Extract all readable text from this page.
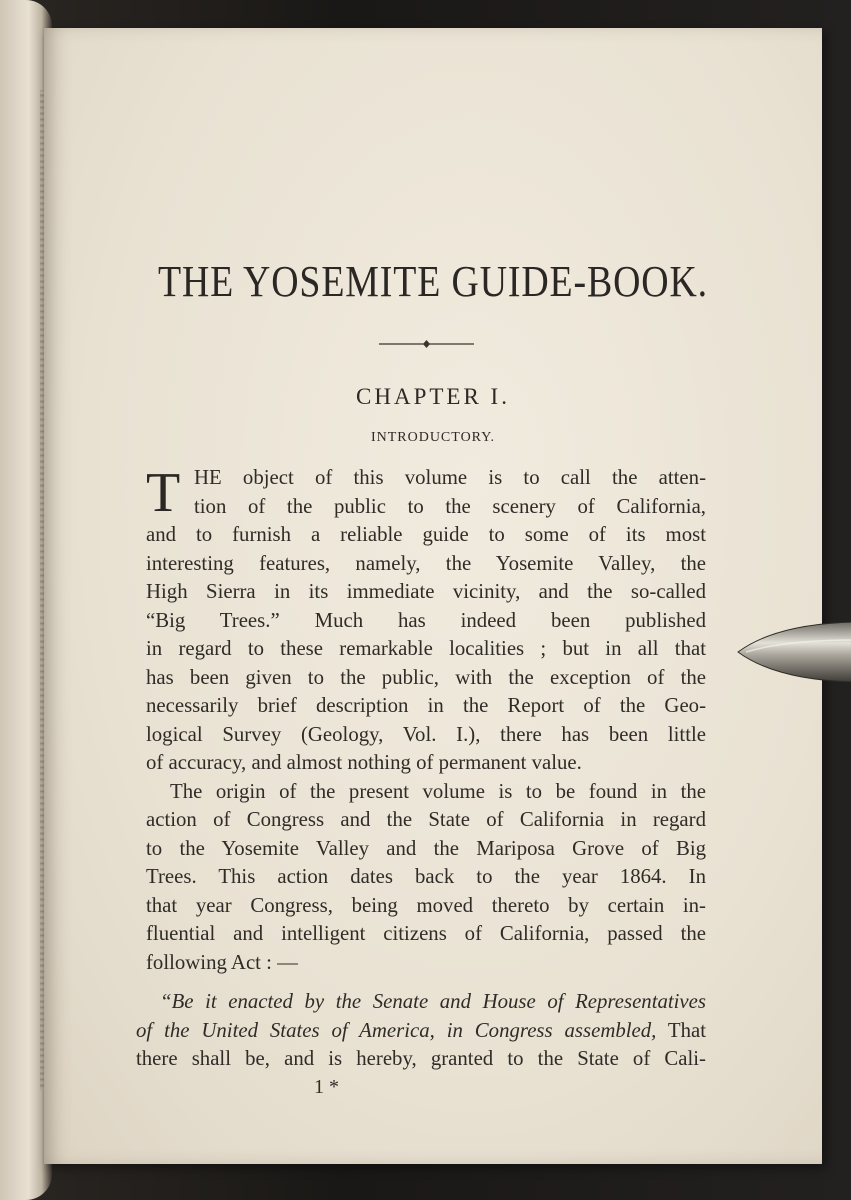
THE YOSEMITE GUIDE-BOOK.
CHAPTER I.
INTRODUCTORY.
T HE object of this volume is to call the atten-
tion of the public to the scenery of California,
and to furnish a reliable guide to some of its most
interesting features, namely, the Yosemite Valley, the
High Sierra in its immediate vicinity, and the so-called
“Big Trees.” Much has indeed been published
in regard to these remarkable localities ; but in all that
has been given to the public, with the exception of the
necessarily brief description in the Report of the Geo-
logical Survey (Geology, Vol. I.), there has been little
of accuracy, and almost nothing of permanent value.
The origin of the present volume is to be found in the
action of Congress and the State of California in regard
to the Yosemite Valley and the Mariposa Grove of Big
Trees. This action dates back to the year 1864. In
that year Congress, being moved thereto by certain in-
fluential and intelligent citizens of California, passed the
following Act : —
“Be it enacted by the Senate and House of Representatives
of the United States of America, in Congress assembled, That
there shall be, and is hereby, granted to the State of Cali-
1 *
